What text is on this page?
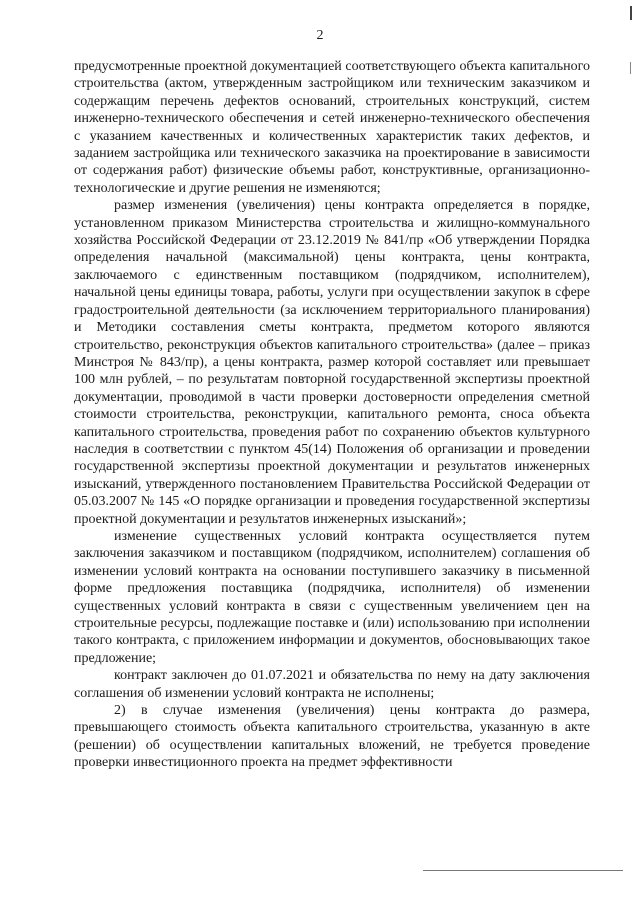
2

предусмотренные проектной документацией соответствующего объекта капитального строительства (актом, утвержденным застройщиком или техническим заказчиком и содержащим перечень дефектов оснований, строительных конструкций, систем инженерно-технического обеспечения и сетей инженерно-технического обеспечения с указанием качественных и количественных характеристик таких дефектов, и заданием застройщика или технического заказчика на проектирование в зависимости от содержания работ) физические объемы работ, конструктивные, организационно-технологические и другие решения не изменяются;

размер изменения (увеличения) цены контракта определяется в порядке, установленном приказом Министерства строительства и жилищно-коммунального хозяйства Российской Федерации от 23.12.2019 № 841/пр «Об утверждении Порядка определения начальной (максимальной) цены контракта, цены контракта, заключаемого с единственным поставщиком (подрядчиком, исполнителем), начальной цены единицы товара, работы, услуги при осуществлении закупок в сфере градостроительной деятельности (за исключением территориального планирования) и Методики составления сметы контракта, предметом которого являются строительство, реконструкция объектов капитального строительства» (далее – приказ Минстроя № 843/пр), а цены контракта, размер которой составляет или превышает 100 млн рублей, – по результатам повторной государственной экспертизы проектной документации, проводимой в части проверки достоверности определения сметной стоимости строительства, реконструкции, капитального ремонта, сноса объекта капитального строительства, проведения работ по сохранению объектов культурного наследия в соответствии с пунктом 45(14) Положения об организации и проведении государственной экспертизы проектной документации и результатов инженерных изысканий, утвержденного постановлением Правительства Российской Федерации от 05.03.2007 № 145 «О порядке организации и проведения государственной экспертизы проектной документации и результатов инженерных изысканий»;

изменение существенных условий контракта осуществляется путем заключения заказчиком и поставщиком (подрядчиком, исполнителем) соглашения об изменении условий контракта на основании поступившего заказчику в письменной форме предложения поставщика (подрядчика, исполнителя) об изменении существенных условий контракта в связи с существенным увеличением цен на строительные ресурсы, подлежащие поставке и (или) использованию при исполнении такого контракта, с приложением информации и документов, обосновывающих такое предложение;

контракт заключен до 01.07.2021 и обязательства по нему на дату заключения соглашения об изменении условий контракта не исполнены;

2) в случае изменения (увеличения) цены контракта до размера, превышающего стоимость объекта капитального строительства, указанную в акте (решении) об осуществлении капитальных вложений, не требуется проведение проверки инвестиционного проекта на предмет эффективности
